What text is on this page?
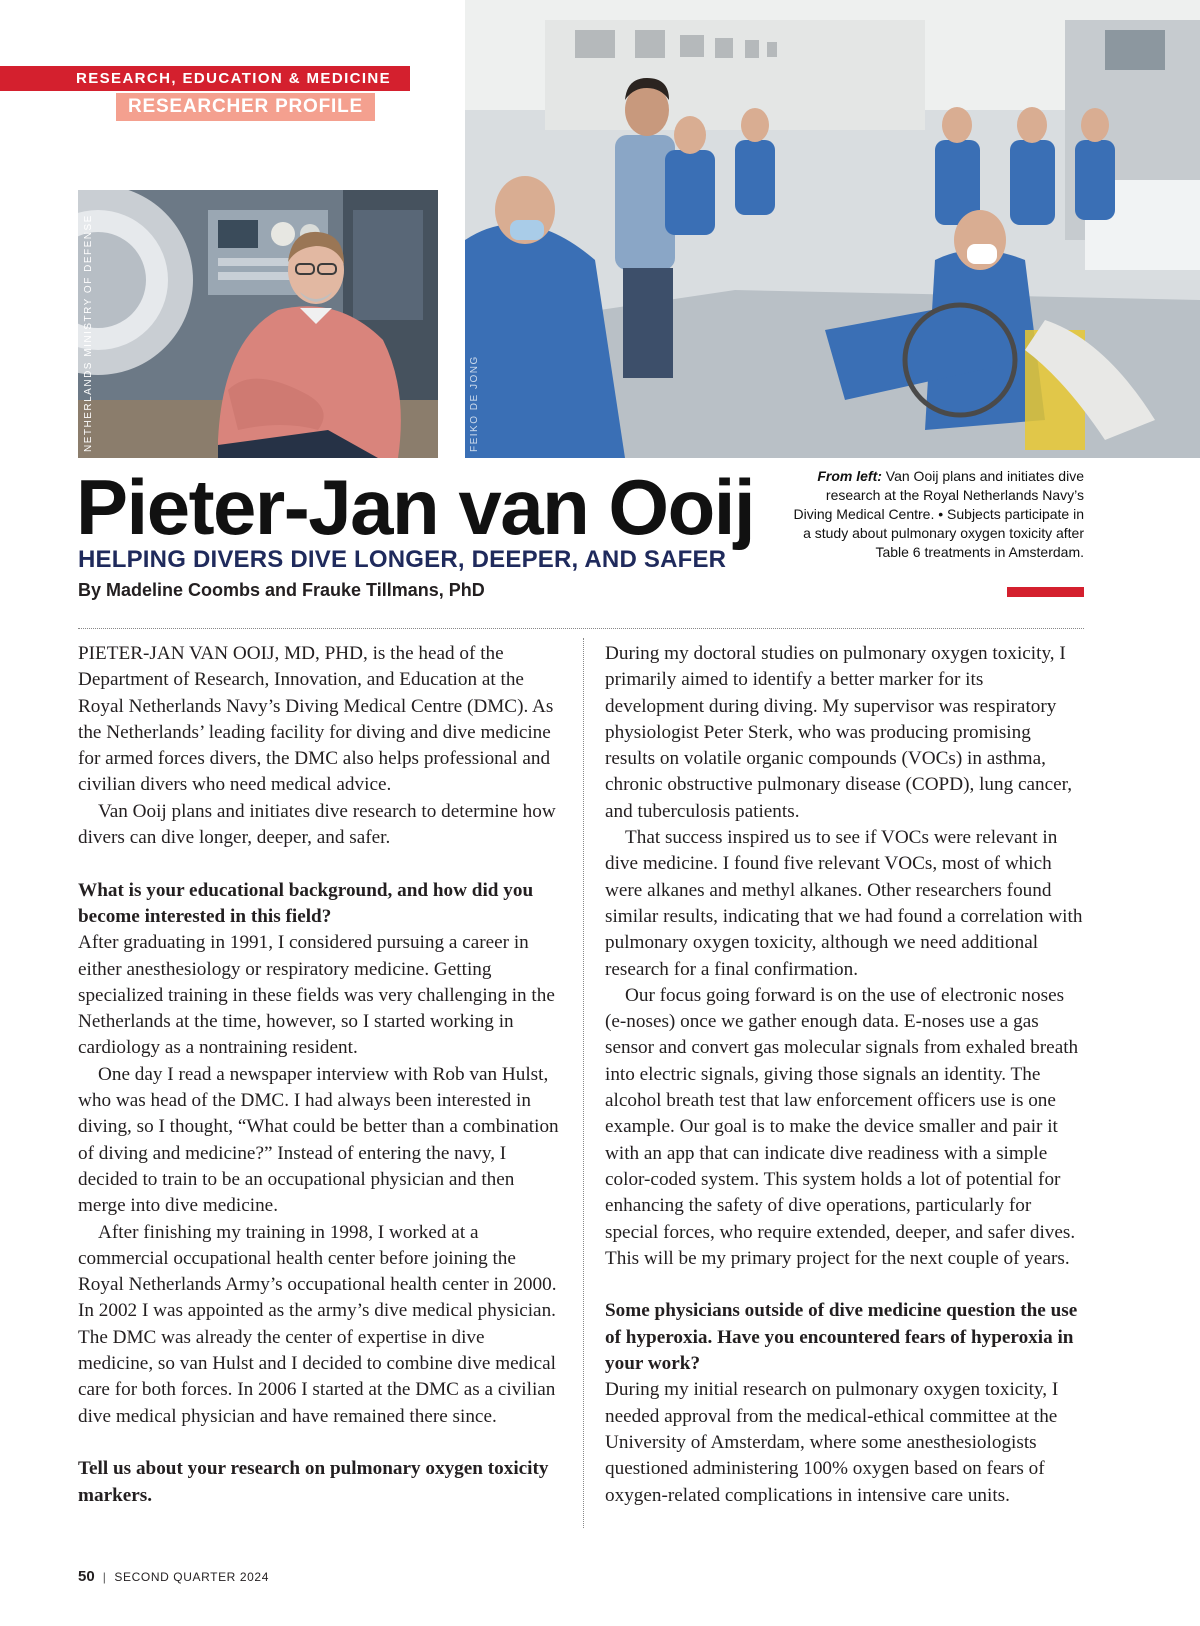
RESEARCH, EDUCATION & MEDICINE
RESEARCHER PROFILE
NETHERLANDS MINISTRY OF DEFENSE	FEIKO DE JONG
Pieter-Jan van Ooij
HELPING DIVERS DIVE LONGER, DEEPER, AND SAFER
By Madeline Coombs and Frauke Tillmans, PhD
From left: Van Ooij plans and initiates dive research at the Royal Netherlands Navy’s Diving Medical Centre. • Subjects participate in a study about pulmonary oxygen toxicity after Table 6 treatments in Amsterdam.

PIETER-JAN VAN OOIJ, MD, PHD, is the head of the Department of Research, Innovation, and Education at the Royal Netherlands Navy’s Diving Medical Centre (DMC). As the Netherlands’ leading facility for diving and dive medicine for armed forces divers, the DMC also helps professional and civilian divers who need medical advice.

Van Ooij plans and initiates dive research to determine how divers can dive longer, deeper, and safer.

What is your educational background, and how did you become interested in this field?

After graduating in 1991, I considered pursuing a career in either anesthesiology or respiratory medicine. Getting specialized training in these fields was very challenging in the Netherlands at the time, however, so I started working in cardiology as a nontraining resident.

One day I read a newspaper interview with Rob van Hulst, who was head of the DMC. I had always been interested in diving, so I thought, “What could be better than a combination of diving and medicine?” Instead of entering the navy, I decided to train to be an occupational physician and then merge into dive medicine.

After finishing my training in 1998, I worked at a commercial occupational health center before joining the Royal Netherlands Army’s occupational health center in 2000. In 2002 I was appointed as the army’s dive medical physician. The DMC was already the center of expertise in dive medicine, so van Hulst and I decided to combine dive medical care for both forces. In 2006 I started at the DMC as a civilian dive medical physician and have remained there since.

Tell us about your research on pulmonary oxygen toxicity markers.

During my doctoral studies on pulmonary oxygen toxicity, I primarily aimed to identify a better marker for its development during diving. My supervisor was respiratory physiologist Peter Sterk, who was producing promising results on volatile organic compounds (VOCs) in asthma, chronic obstructive pulmonary disease (COPD), lung cancer, and tuberculosis patients.

That success inspired us to see if VOCs were relevant in dive medicine. I found five relevant VOCs, most of which were alkanes and methyl alkanes. Other researchers found similar results, indicating that we had found a correlation with pulmonary oxygen toxicity, although we need additional research for a final confirmation.

Our focus going forward is on the use of electronic noses (e-noses) once we gather enough data. E-noses use a gas sensor and convert gas molecular signals from exhaled breath into electric signals, giving those signals an identity. The alcohol breath test that law enforcement officers use is one example. Our goal is to make the device smaller and pair it with an app that can indicate dive readiness with a simple color-coded system. This system holds a lot of potential for enhancing the safety of dive operations, particularly for special forces, who require extended, deeper, and safer dives. This will be my primary project for the next couple of years.

Some physicians outside of dive medicine question the use of hyperoxia. Have you encountered fears of hyperoxia in your work?

During my initial research on pulmonary oxygen toxicity, I needed approval from the medical-ethical committee at the University of Amsterdam, where some anesthesiologists questioned administering 100% oxygen based on fears of oxygen-related complications in intensive care units.

50 | SECOND QUARTER 2024
